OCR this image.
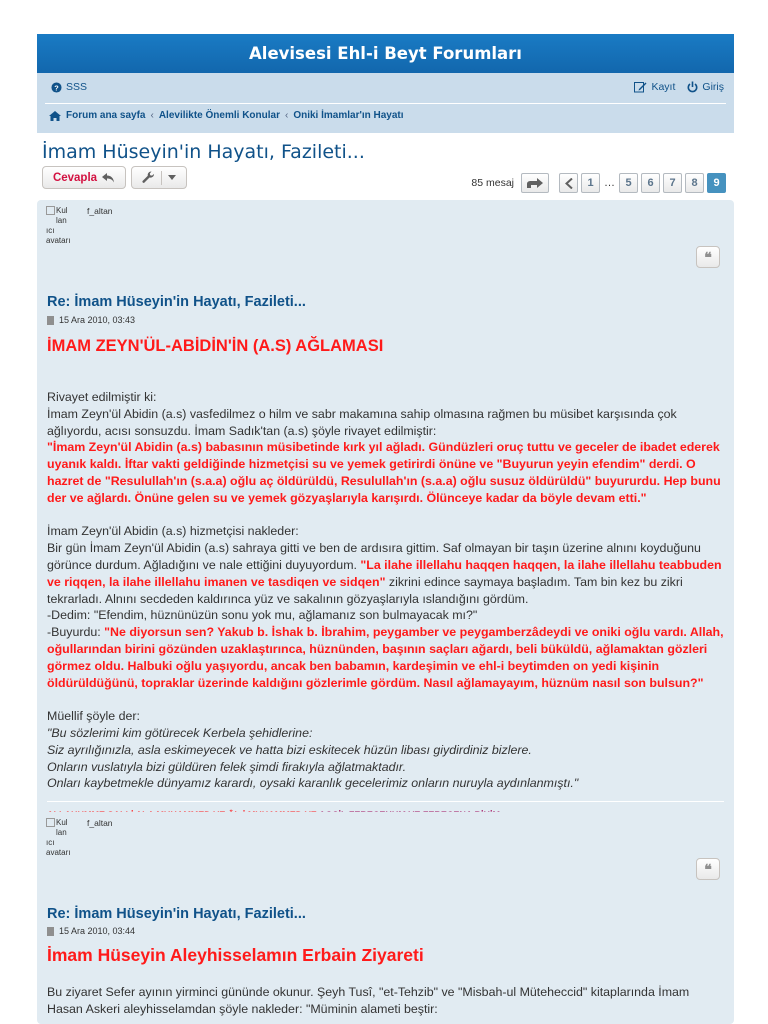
Alevisesi Ehl-i Beyt Forumları
? SSS	Kayıt	Giriş
Forum ana sayfa ‹ Alevilikte Önemli Konular ‹ Oniki İmamlar'ın Hayatı
İmam Hüseyin'in Hayatı, Fazileti...
Cevapla	85 mesaj	1 … 5	6	7	8	9
Kul
lan
ıcı
avatarı
f_altan
❝
Re: İmam Hüseyin'in Hayatı, Fazileti...
15 Ara 2010, 03:43
İMAM ZEYN'ÜL-ABİDİN'İN (A.S) AĞLAMASI

Rivayet edilmiştir ki:

İmam Zeyn'ül Abidin (a.s) vasfedilmez o hilm ve sabr makamına sahip olmasına rağmen bu müsibet karşısında çok ağlıyordu, acısı sonsuzdu. İmam Sadık'tan (a.s) şöyle rivayet edilmiştir:

"İmam Zeyn'ül Abidin (a.s) babasının müsibetinde kırk yıl ağladı. Gündüzleri oruç tuttu ve geceler de ibadet ederek uyanık kaldı. İftar vakti geldiğinde hizmetçisi su ve yemek getirirdi önüne ve "Buyurun yeyin efendim" derdi. O hazret de "Resulullah'ın (s.a.a) oğlu aç öldürüldü, Resulullah'ın (s.a.a) oğlu susuz öldürüldü" buyururdu. Hep bunu der ve ağlardı. Önüne gelen su ve yemek gözyaşlarıyla karışırdı. Ölünceye kadar da böyle devam etti."

İmam Zeyn'ül Abidin (a.s) hizmetçisi nakleder:

Bir gün İmam Zeyn'ül Abidin (a.s) sahraya gitti ve ben de ardısıra gittim. Saf olmayan bir taşın üzerine alnını koyduğunu görünce durdum. Ağladığını ve nale ettiğini duyuyordum. "La ilahe illellahu haqqen haqqen, la ilahe illellahu teabbuden ve riqqen, la ilahe illellahu imanen ve tasdiqen ve sidqen" zikrini edince saymaya başladım. Tam bin kez bu zikri tekrarladı. Alnını secdeden kaldırınca yüz ve sakalının gözyaşlarıyla ıslandığını gördüm.

-Dedim: "Efendim, hüznünüzün sonu yok mu, ağlamanız son bulmayacak mı?"

-Buyurdu: "Ne diyorsun sen? Yakub b. İshak b. İbrahim, peygamber ve peygamberzâdeydi ve oniki oğlu vardı. Allah, oğullarından birini gözünden uzaklaştırınca, hüznünden, başının saçları ağardı, beli büküldü, ağlamaktan gözleri görmez oldu. Halbuki oğlu yaşıyordu, ancak ben babamın, kardeşimin ve ehl-i beytimden on yedi kişinin öldürüldüğünü, topraklar üzerinde kaldığını gözlerimle gördüm. Nasıl ağlamayayım, hüznüm nasıl son bulsun?"

Müellif şöyle der:

"Bu sözlerimi kim götürecek Kerbela şehidlerine:

Siz ayrılığınızla, asla eskimeyecek ve hatta bizi eskitecek hüzün libası giydirdiniz bizlere.

Onların vuslatıyla bizi güldüren felek şimdi firakıyla ağlatmaktadır.

Onları kaybetmekle dünyamız karardı, oysaki karanlık gecelerimiz onların nuruyla aydınlanmıştı."

Kul
lan
ıcı
avatarı
f_altan
❝
Re: İmam Hüseyin'in Hayatı, Fazileti...
15 Ara 2010, 03:44
İmam Hüseyin Aleyhisselamın Erbain Ziyareti

Bu ziyaret Sefer ayının yirminci gününde okunur. Şeyh Tusî, "et-Tehzib" ve "Misbah-ul Müteheccid" kitaplarında İmam Hasan Askeri aleyhisselamdan şöyle nakleder: "Müminin alameti beştir:
